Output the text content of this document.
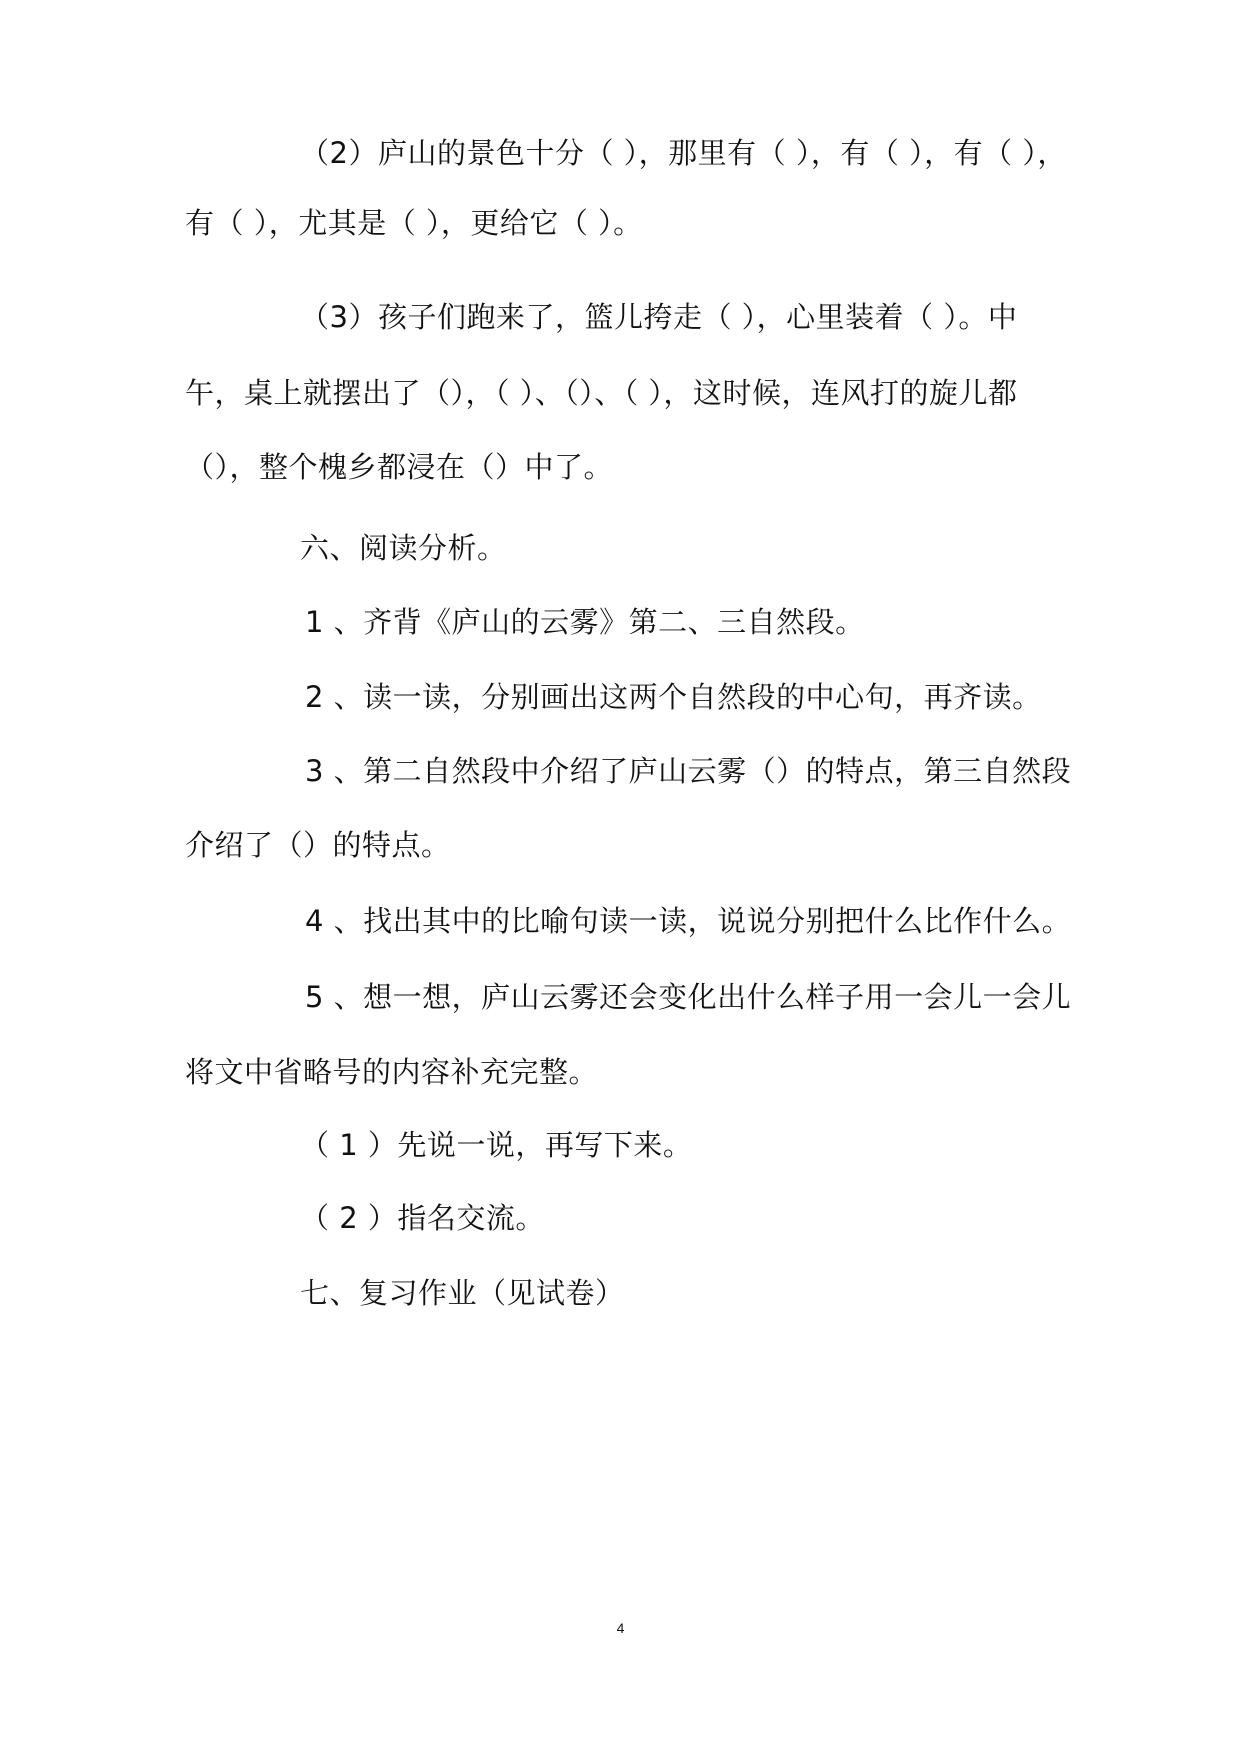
（2）庐山的景色十分（ ），那里有（ ），有（ ），有（ ），
有（ ），尤其是（ ），更给它（ ）。
（3）孩子们跑来了，篮儿挎走（ ），心里装着（ ）。中
午，桌上就摆出了（），（ ）、（）、（ ），这时候，连风打的旋儿都
（），整个槐乡都浸在（）中了。
六、阅读分析。
1 、齐背《庐山的云雾》第二、三自然段。
2 、读一读，分别画出这两个自然段的中心句，再齐读。
3 、第二自然段中介绍了庐山云雾（）的特点，第三自然段
介绍了（）的特点。
4 、找出其中的比喻句读一读，说说分别把什么比作什么。
5 、想一想，庐山云雾还会变化出什么样子用一会儿一会儿
将文中省略号的内容补充完整。
（ 1 ）先说一说，再写下来。
（ 2 ）指名交流。
七、复习作业（见试卷）
4
